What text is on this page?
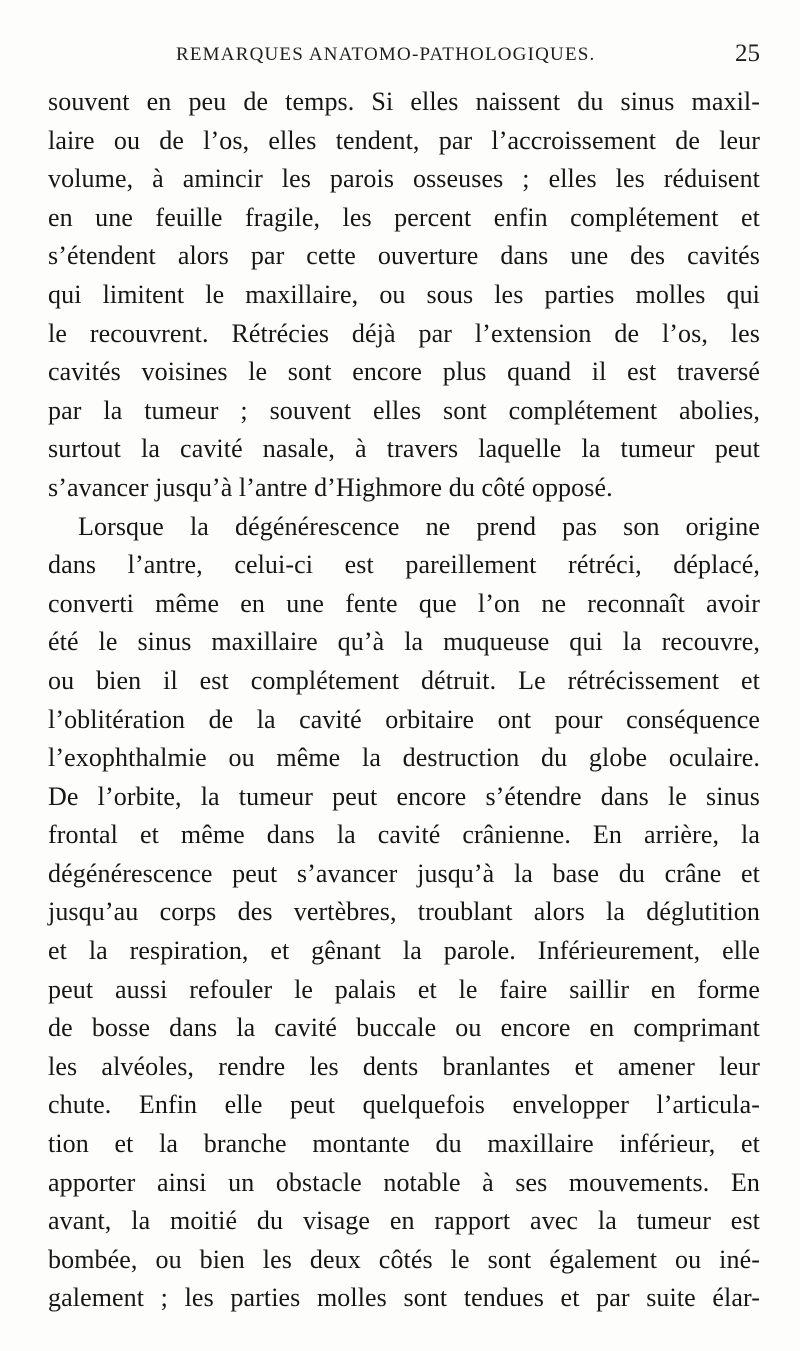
REMARQUES ANATOMO-PATHOLOGIQUES.	25
souvent en peu de temps. Si elles naissent du sinus maxil-
laire ou de l’os, elles tendent, par l’accroissement de leur
volume, à amincir les parois osseuses ; elles les réduisent
en une feuille fragile, les percent enfin complétement et
s’étendent alors par cette ouverture dans une des cavités
qui limitent le maxillaire, ou sous les parties molles qui
le recouvrent. Rétrécies déjà par l’extension de l’os, les
cavités voisines le sont encore plus quand il est traversé
par la tumeur ; souvent elles sont complétement abolies,
surtout la cavité nasale, à travers laquelle la tumeur peut
s’avancer jusqu’à l’antre d’Highmore du côté opposé.
Lorsque la dégénérescence ne prend pas son origine
dans l’antre, celui-ci est pareillement rétréci, déplacé,
converti même en une fente que l’on ne reconnaît avoir
été le sinus maxillaire qu’à la muqueuse qui la recouvre,
ou bien il est complétement détruit. Le rétrécissement et
l’oblitération de la cavité orbitaire ont pour conséquence
l’exophthalmie ou même la destruction du globe oculaire.
De l’orbite, la tumeur peut encore s’étendre dans le sinus
frontal et même dans la cavité crânienne. En arrière, la
dégénérescence peut s’avancer jusqu’à la base du crâne et
jusqu’au corps des vertèbres, troublant alors la déglutition
et la respiration, et gênant la parole. Inférieurement, elle
peut aussi refouler le palais et le faire saillir en forme
de bosse dans la cavité buccale ou encore en comprimant
les alvéoles, rendre les dents branlantes et amener leur
chute. Enfin elle peut quelquefois envelopper l’articula-
tion et la branche montante du maxillaire inférieur, et
apporter ainsi un obstacle notable à ses mouvements. En
avant, la moitié du visage en rapport avec la tumeur est
bombée, ou bien les deux côtés le sont également ou iné-
galement ; les parties molles sont tendues et par suite élar-
